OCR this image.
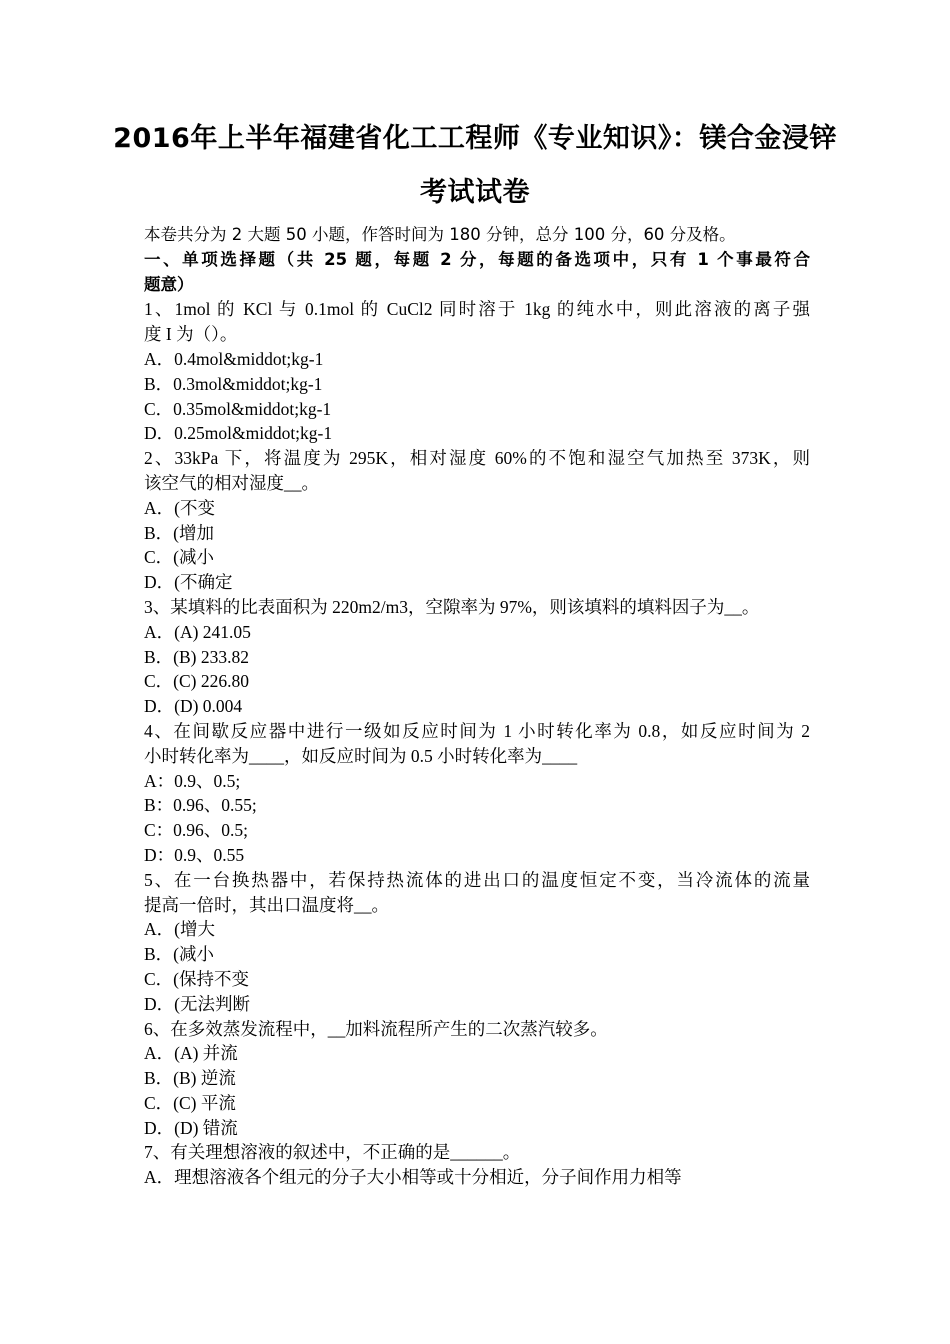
2016年上半年福建省化工工程师《专业知识》：镁合金浸锌
考试试卷
本卷共分为 2 大题 50 小题，作答时间为 180 分钟，总分 100 分，60 分及格。
一、单项选择题（共 25 题，每题 2 分，每题的备选项中，只有 1 个事最符合
题意）
1、1mol 的 KCl 与 0.1mol 的 CuCl2 同时溶于 1kg 的纯水中，则此溶液的离子强
度 I 为（）。
A．0.4mol&middot;kg-1
B．0.3mol&middot;kg-1
C．0.35mol&middot;kg-1
D．0.25mol&middot;kg-1
2、33kPa 下，将温度为 295K，相对湿度 60%的不饱和湿空气加热至 373K，则
该空气的相对湿度__。
A．(不变
B．(增加
C．(减小
D．(不确定
3、某填料的比表面积为 220m2/m3，空隙率为 97%，则该填料的填料因子为__。
A．(A) 241.05
B．(B) 233.82
C．(C) 226.80
D．(D) 0.004
4、在间歇反应器中进行一级如反应时间为 1 小时转化率为 0.8，如反应时间为 2
小时转化率为____，如反应时间为 0.5 小时转化率为____
A：0.9、0.5;
B：0.96、0.55;
C：0.96、0.5;
D：0.9、0.55
5、在一台换热器中，若保持热流体的进出口的温度恒定不变，当冷流体的流量
提高一倍时，其出口温度将__。
A．(增大
B．(减小
C．(保持不变
D．(无法判断
6、在多效蒸发流程中，__加料流程所产生的二次蒸汽较多。
A．(A) 并流
B．(B) 逆流
C．(C) 平流
D．(D) 错流
7、有关理想溶液的叙述中，不正确的是______。
A．理想溶液各个组元的分子大小相等或十分相近，分子间作用力相等
